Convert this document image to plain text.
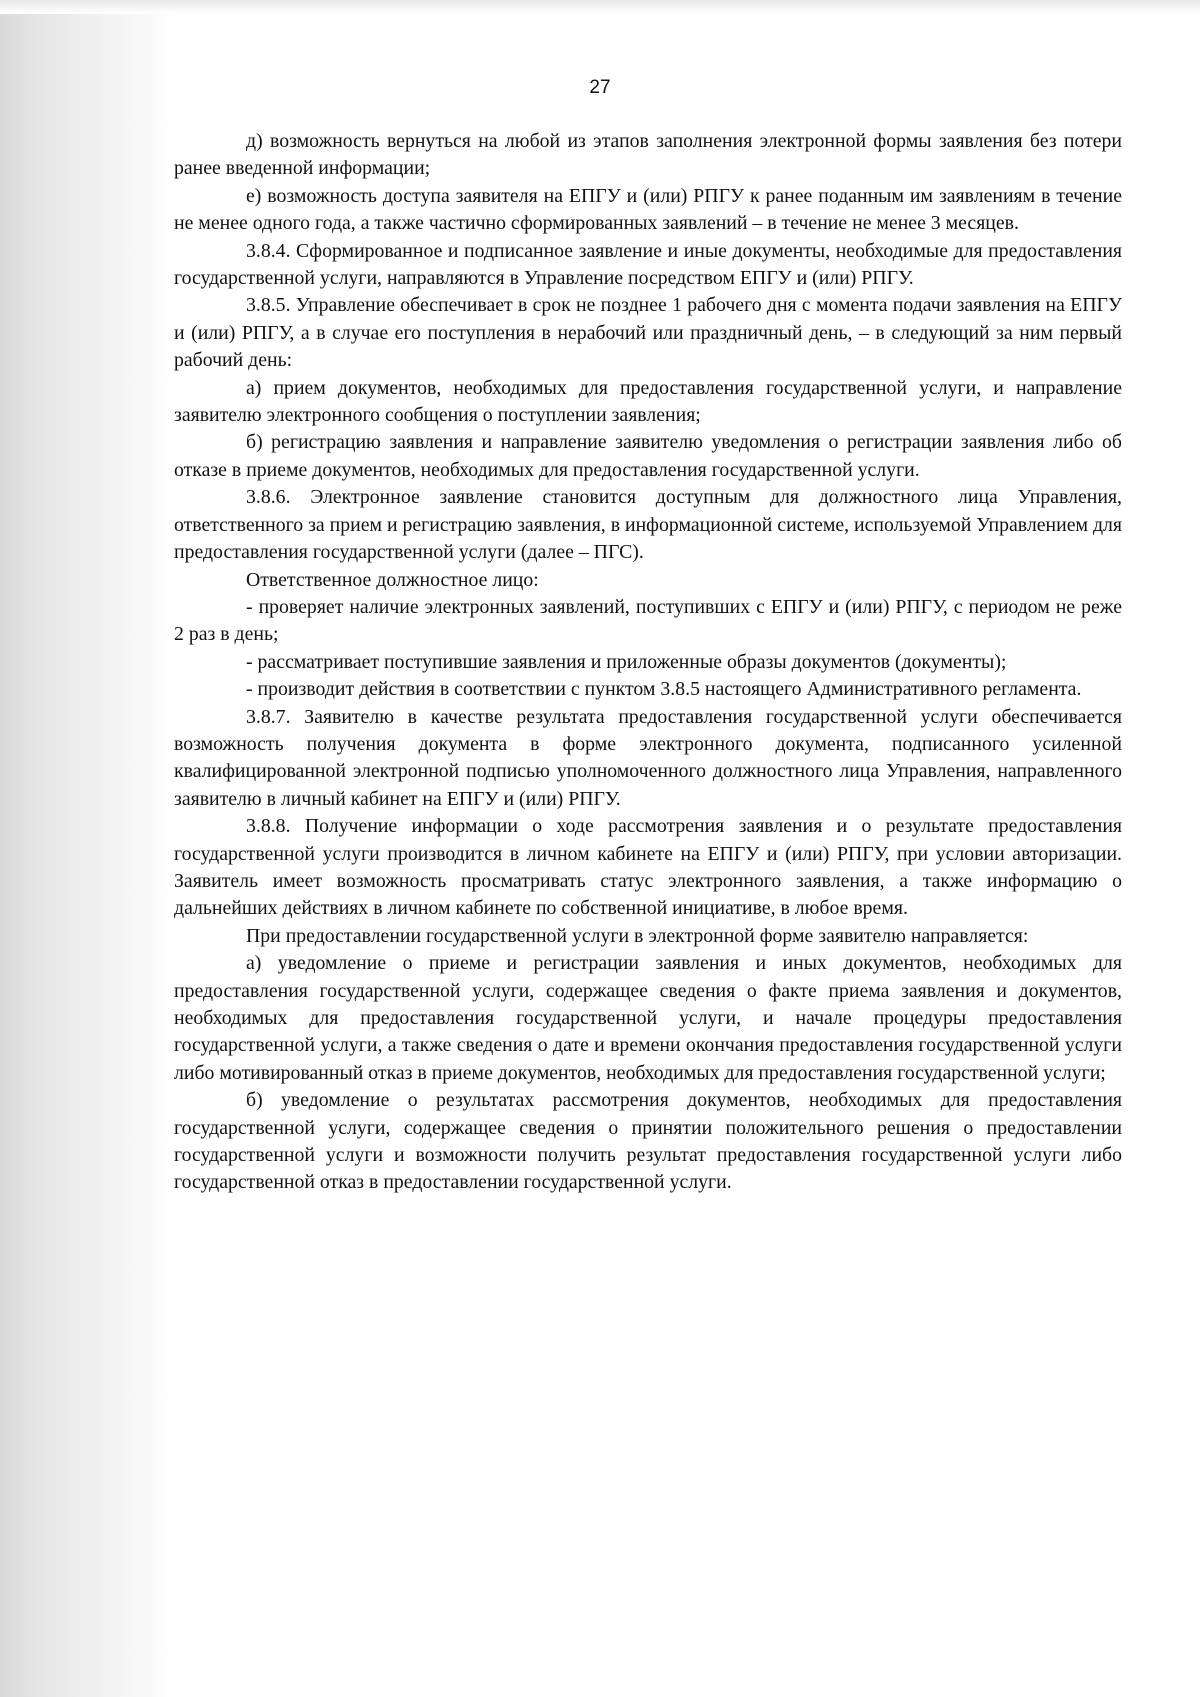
27

д) возможность вернуться на любой из этапов заполнения электронной формы заявления без потери ранее введенной информации;

е) возможность доступа заявителя на ЕПГУ и (или) РПГУ к ранее поданным им заявлениям в течение не менее одного года, а также частично сформированных заявлений – в течение не менее 3 месяцев.

3.8.4. Сформированное и подписанное заявление и иные документы, необходимые для предоставления государственной услуги, направляются в Управление посредством ЕПГУ и (или) РПГУ.

3.8.5. Управление обеспечивает в срок не позднее 1 рабочего дня с момента подачи заявления на ЕПГУ и (или) РПГУ, а в случае его поступления в нерабочий или праздничный день, – в следующий за ним первый рабочий день:

а) прием документов, необходимых для предоставления государственной услуги, и направление заявителю электронного сообщения о поступлении заявления;

б) регистрацию заявления и направление заявителю уведомления о регистрации заявления либо об отказе в приеме документов, необходимых для предоставления государственной услуги.

3.8.6. Электронное заявление становится доступным для должностного лица Управления, ответственного за прием и регистрацию заявления, в информационной системе, используемой Управлением для предоставления государственной услуги (далее – ПГС).

Ответственное должностное лицо:

- проверяет наличие электронных заявлений, поступивших с ЕПГУ и (или) РПГУ, с периодом не реже 2 раз в день;

- рассматривает поступившие заявления и приложенные образы документов (документы);

- производит действия в соответствии с пунктом 3.8.5 настоящего Административного регламента.

3.8.7. Заявителю в качестве результата предоставления государственной услуги обеспечивается возможность получения документа в форме электронного документа, подписанного усиленной квалифицированной электронной подписью уполномоченного должностного лица Управления, направленного заявителю в личный кабинет на ЕПГУ и (или) РПГУ.

3.8.8. Получение информации о ходе рассмотрения заявления и о результате предоставления государственной услуги производится в личном кабинете на ЕПГУ и (или) РПГУ, при условии авторизации. Заявитель имеет возможность просматривать статус электронного заявления, а также информацию о дальнейших действиях в личном кабинете по собственной инициативе, в любое время.

При предоставлении государственной услуги в электронной форме заявителю направляется:

а) уведомление о приеме и регистрации заявления и иных документов, необходимых для предоставления государственной услуги, содержащее сведения о факте приема заявления и документов, необходимых для предоставления государственной услуги, и начале процедуры предоставления государственной услуги, а также сведения о дате и времени окончания предоставления государственной услуги либо мотивированный отказ в приеме документов, необходимых для предоставления государственной услуги;

б) уведомление о результатах рассмотрения документов, необходимых для предоставления государственной услуги, содержащее сведения о принятии положительного решения о предоставлении государственной услуги и возможности получить результат предоставления государственной услуги либо государственной отказ в предоставлении государственной услуги.
